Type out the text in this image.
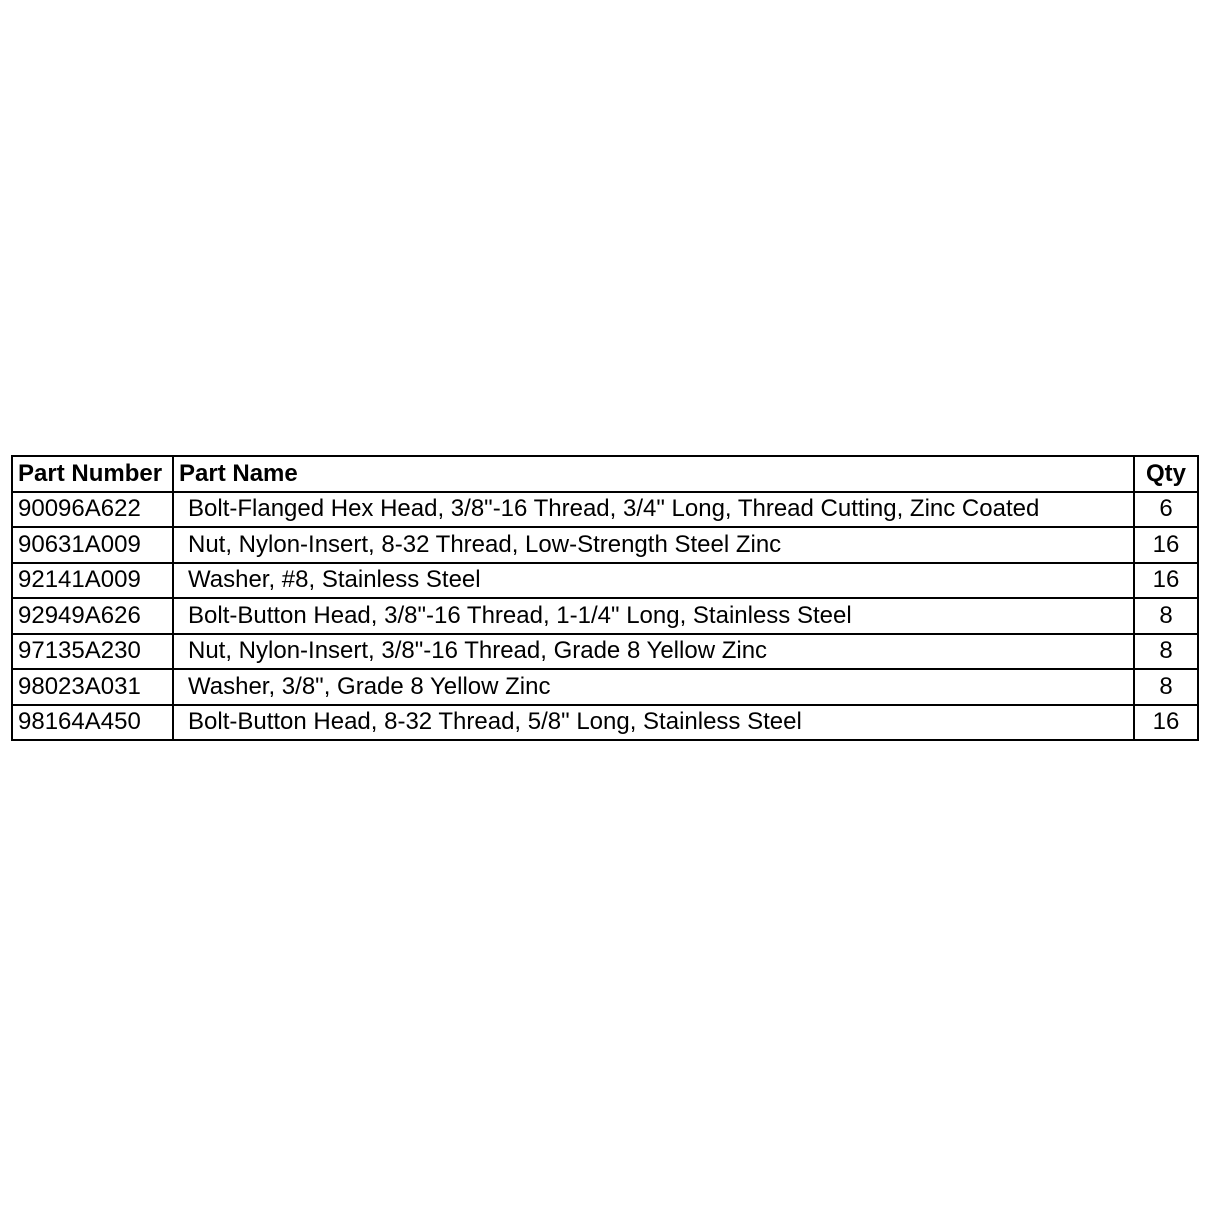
Part Number	Part Name	Qty
90096A622	Bolt-Flanged Hex Head, 3/8"-16 Thread, 3/4" Long, Thread Cutting, Zinc Coated	6
90631A009	Nut, Nylon-Insert, 8-32 Thread, Low-Strength Steel Zinc	16
92141A009	Washer, #8, Stainless Steel	16
92949A626	Bolt-Button Head, 3/8"-16 Thread, 1-1/4" Long, Stainless Steel	8
97135A230	Nut, Nylon-Insert, 3/8"-16 Thread, Grade 8 Yellow Zinc	8
98023A031	Washer, 3/8", Grade 8 Yellow Zinc	8
98164A450	Bolt-Button Head, 8-32 Thread, 5/8" Long, Stainless Steel	16
